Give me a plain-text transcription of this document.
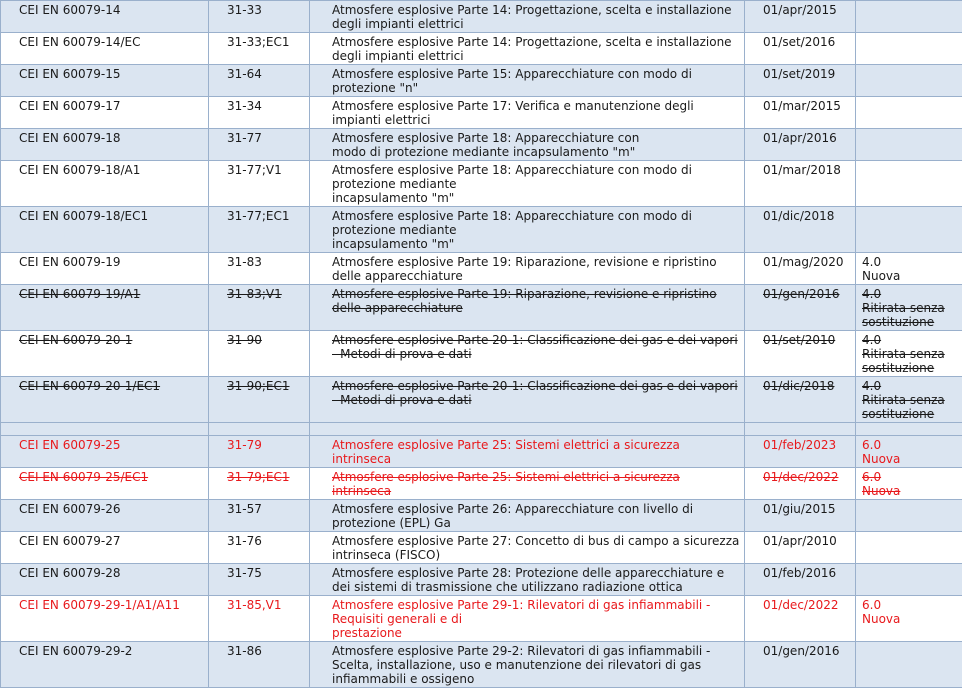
CEI EN 60079-14	31-33	Atmosfere esplosive Parte 14: Progettazione, scelta e installazione degli impianti elettrici	01/apr/2015	
CEI EN 60079-14/EC	31-33;EC1	Atmosfere esplosive Parte 14: Progettazione, scelta e installazione degli impianti elettrici	01/set/2016	
CEI EN 60079-15	31-64	Atmosfere esplosive Parte 15: Apparecchiature con modo di protezione "n"	01/set/2019	
CEI EN 60079-17	31-34	Atmosfere esplosive Parte 17: Verifica e manutenzione degli impianti elettrici	01/mar/2015	
CEI EN 60079-18	31-77	Atmosfere esplosive Parte 18: Apparecchiature con
modo di protezione mediante incapsulamento "m"	01/apr/2016	
CEI EN 60079-18/A1	31-77;V1	Atmosfere esplosive Parte 18: Apparecchiature con modo di
protezione mediante
incapsulamento "m"	01/mar/2018	
CEI EN 60079-18/EC1	31-77;EC1	Atmosfere esplosive Parte 18: Apparecchiature con modo di
protezione mediante
incapsulamento "m"	01/dic/2018	
CEI EN 60079-19	31-83	Atmosfere esplosive Parte 19: Riparazione, revisione e ripristino delle apparecchiature	01/mag/2020	4.0
Nuova
CEI EN 60079-19/A1	31-83;V1	Atmosfere esplosive Parte 19: Riparazione, revisione e ripristino delle apparecchiature	01/gen/2016	4.0
Ritirata senza sostituzione
CEI EN 60079-20-1	31-90	Atmosfere esplosive Parte 20-1: Classificazione dei gas e dei vapori - Metodi di prova e dati	01/set/2010	4.0
Ritirata senza sostituzione
CEI EN 60079-20-1/EC1	31-90;EC1	Atmosfere esplosive Parte 20-1: Classificazione dei gas e dei vapori - Metodi di prova e dati	01/dic/2018	4.0
Ritirata senza sostituzione

CEI EN 60079-25	31-79	Atmosfere esplosive Parte 25: Sistemi elettrici a sicurezza intrinseca	01/feb/2023	6.0
Nuova
CEI EN 60079-25/EC1	31-79;EC1	Atmosfere esplosive Parte 25: Sistemi elettrici a sicurezza intrinseca	01/dec/2022	6.0
Nuova
CEI EN 60079-26	31-57	Atmosfere esplosive Parte 26: Apparecchiature con livello di protezione (EPL) Ga	01/giu/2015	
CEI EN 60079-27	31-76	Atmosfere esplosive Parte 27: Concetto di bus di campo a sicurezza intrinseca (FISCO)	01/apr/2010	
CEI EN 60079-28	31-75	Atmosfere esplosive Parte 28: Protezione delle apparecchiature e dei sistemi di trasmissione che utilizzano radiazione ottica	01/feb/2016	
CEI EN 60079-29-1/A1/A11	31-85,V1	Atmosfere esplosive Parte 29-1: Rilevatori di gas infiammabili -
Requisiti generali e di
prestazione	01/dec/2022	6.0
Nuova
CEI EN 60079-29-2	31-86	Atmosfere esplosive Parte 29-2: Rilevatori di gas infiammabili -
Scelta, installazione, uso e manutenzione dei rilevatori di gas
infiammabili e ossigeno	01/gen/2016	
